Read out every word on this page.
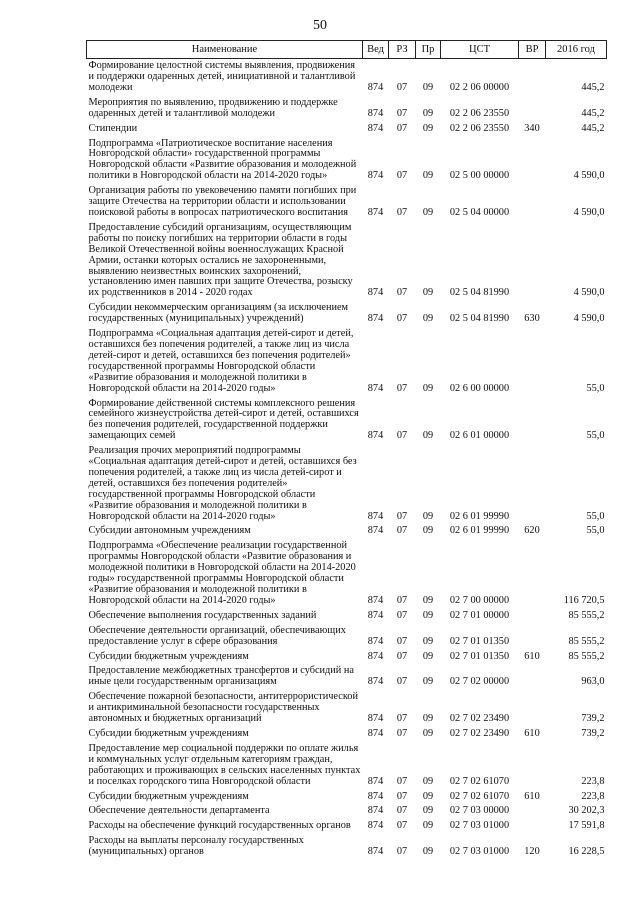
50
Наименование	Вед	РЗ	Пр	ЦСТ	ВР	2016 год
Формирование целостной системы выявления, продвижения и поддержки одаренных детей, инициативной и талантливой молодежи	874	07	09	02 2 06 00000		445,2
Мероприятия по выявлению, продвижению и поддержке одаренных детей и талантливой молодежи	874	07	09	02 2 06 23550		445,2
Стипендии	874	07	09	02 2 06 23550	340	445,2
Подпрограмма «Патриотическое воспитание населения Новгородской области» государственной программы Новгородской области «Развитие образования и молодежной политики в Новгородской области на 2014-2020 годы»	874	07	09	02 5 00 00000		4 590,0
Организация работы по увековечению памяти погибших при защите Отечества на территории области и использовании поисковой работы в вопросах патриотического воспитания	874	07	09	02 5 04 00000		4 590,0
Предоставление субсидий организациям, осуществляющим работы по поиску погибших на территории области в годы Великой Отечественной войны военнослужащих Красной Армии, останки которых остались не захороненными, выявлению неизвестных воинских захоронений, установлению имен павших при защите Отечества, розыску их родственников в 2014 - 2020 годах	874	07	09	02 5 04 81990		4 590,0
Субсидии некоммерческим организациям (за исключением государственных (муниципальных) учреждений)	874	07	09	02 5 04 81990	630	4 590,0
Подпрограмма «Социальная адаптация детей-сирот и детей, оставшихся без попечения родителей, а также лиц из числа детей-сирот и детей, оставшихся без попечения родителей» государственной программы Новгородской области «Развитие образования и молодежной политики в Новгородской области на 2014-2020 годы»	874	07	09	02 6 00 00000		55,0
Формирование действенной системы комплексного решения семейного жизнеустройства детей-сирот и детей, оставшихся без попечения родителей, государственной поддержки замещающих семей	874	07	09	02 6 01 00000		55,0
Реализация прочих мероприятий подпрограммы «Социальная адаптация детей-сирот и детей, оставшихся без попечения родителей, а также лиц из числа детей-сирот и детей, оставшихся без попечения родителей» государственной программы Новгородской области «Развитие образования и молодежной политики в Новгородской области на 2014-2020 годы»	874	07	09	02 6 01 99990		55,0
Субсидии автономным учреждениям	874	07	09	02 6 01 99990	620	55,0
Подпрограмма «Обеспечение реализации государственной программы Новгородской области «Развитие образования и молодежной политики в Новгородской области на 2014-2020 годы» государственной программы Новгородской области «Развитие образования и молодежной политики в Новгородской области на 2014-2020 годы»	874	07	09	02 7 00 00000		116 720,5
Обеспечение выполнения государственных заданий	874	07	09	02 7 01 00000		85 555,2
Обеспечение деятельности организаций, обеспечивающих предоставление услуг в сфере образования	874	07	09	02 7 01 01350		85 555,2
Субсидии бюджетным учреждениям	874	07	09	02 7 01 01350	610	85 555,2
Предоставление межбюджетных трансфертов и субсидий на иные цели государственным организациям	874	07	09	02 7 02 00000		963,0
Обеспечение пожарной безопасности, антитеррористической и антикриминальной безопасности государственных автономных и бюджетных организаций	874	07	09	02 7 02 23490		739,2
Субсидии бюджетным учреждениям	874	07	09	02 7 02 23490	610	739,2
Предоставление мер социальной поддержки по оплате жилья и коммунальных услуг отдельным категориям граждан, работающих и проживающих в сельских населенных пунктах и поселках городского типа Новгородской области	874	07	09	02 7 02 61070		223,8
Субсидии бюджетным учреждениям	874	07	09	02 7 02 61070	610	223,8
Обеспечение деятельности департамента	874	07	09	02 7 03 00000		30 202,3
Расходы на обеспечение функций государственных органов	874	07	09	02 7 03 01000		17 591,8
Расходы на выплаты персоналу государственных (муниципальных) органов	874	07	09	02 7 03 01000	120	16 228,5
